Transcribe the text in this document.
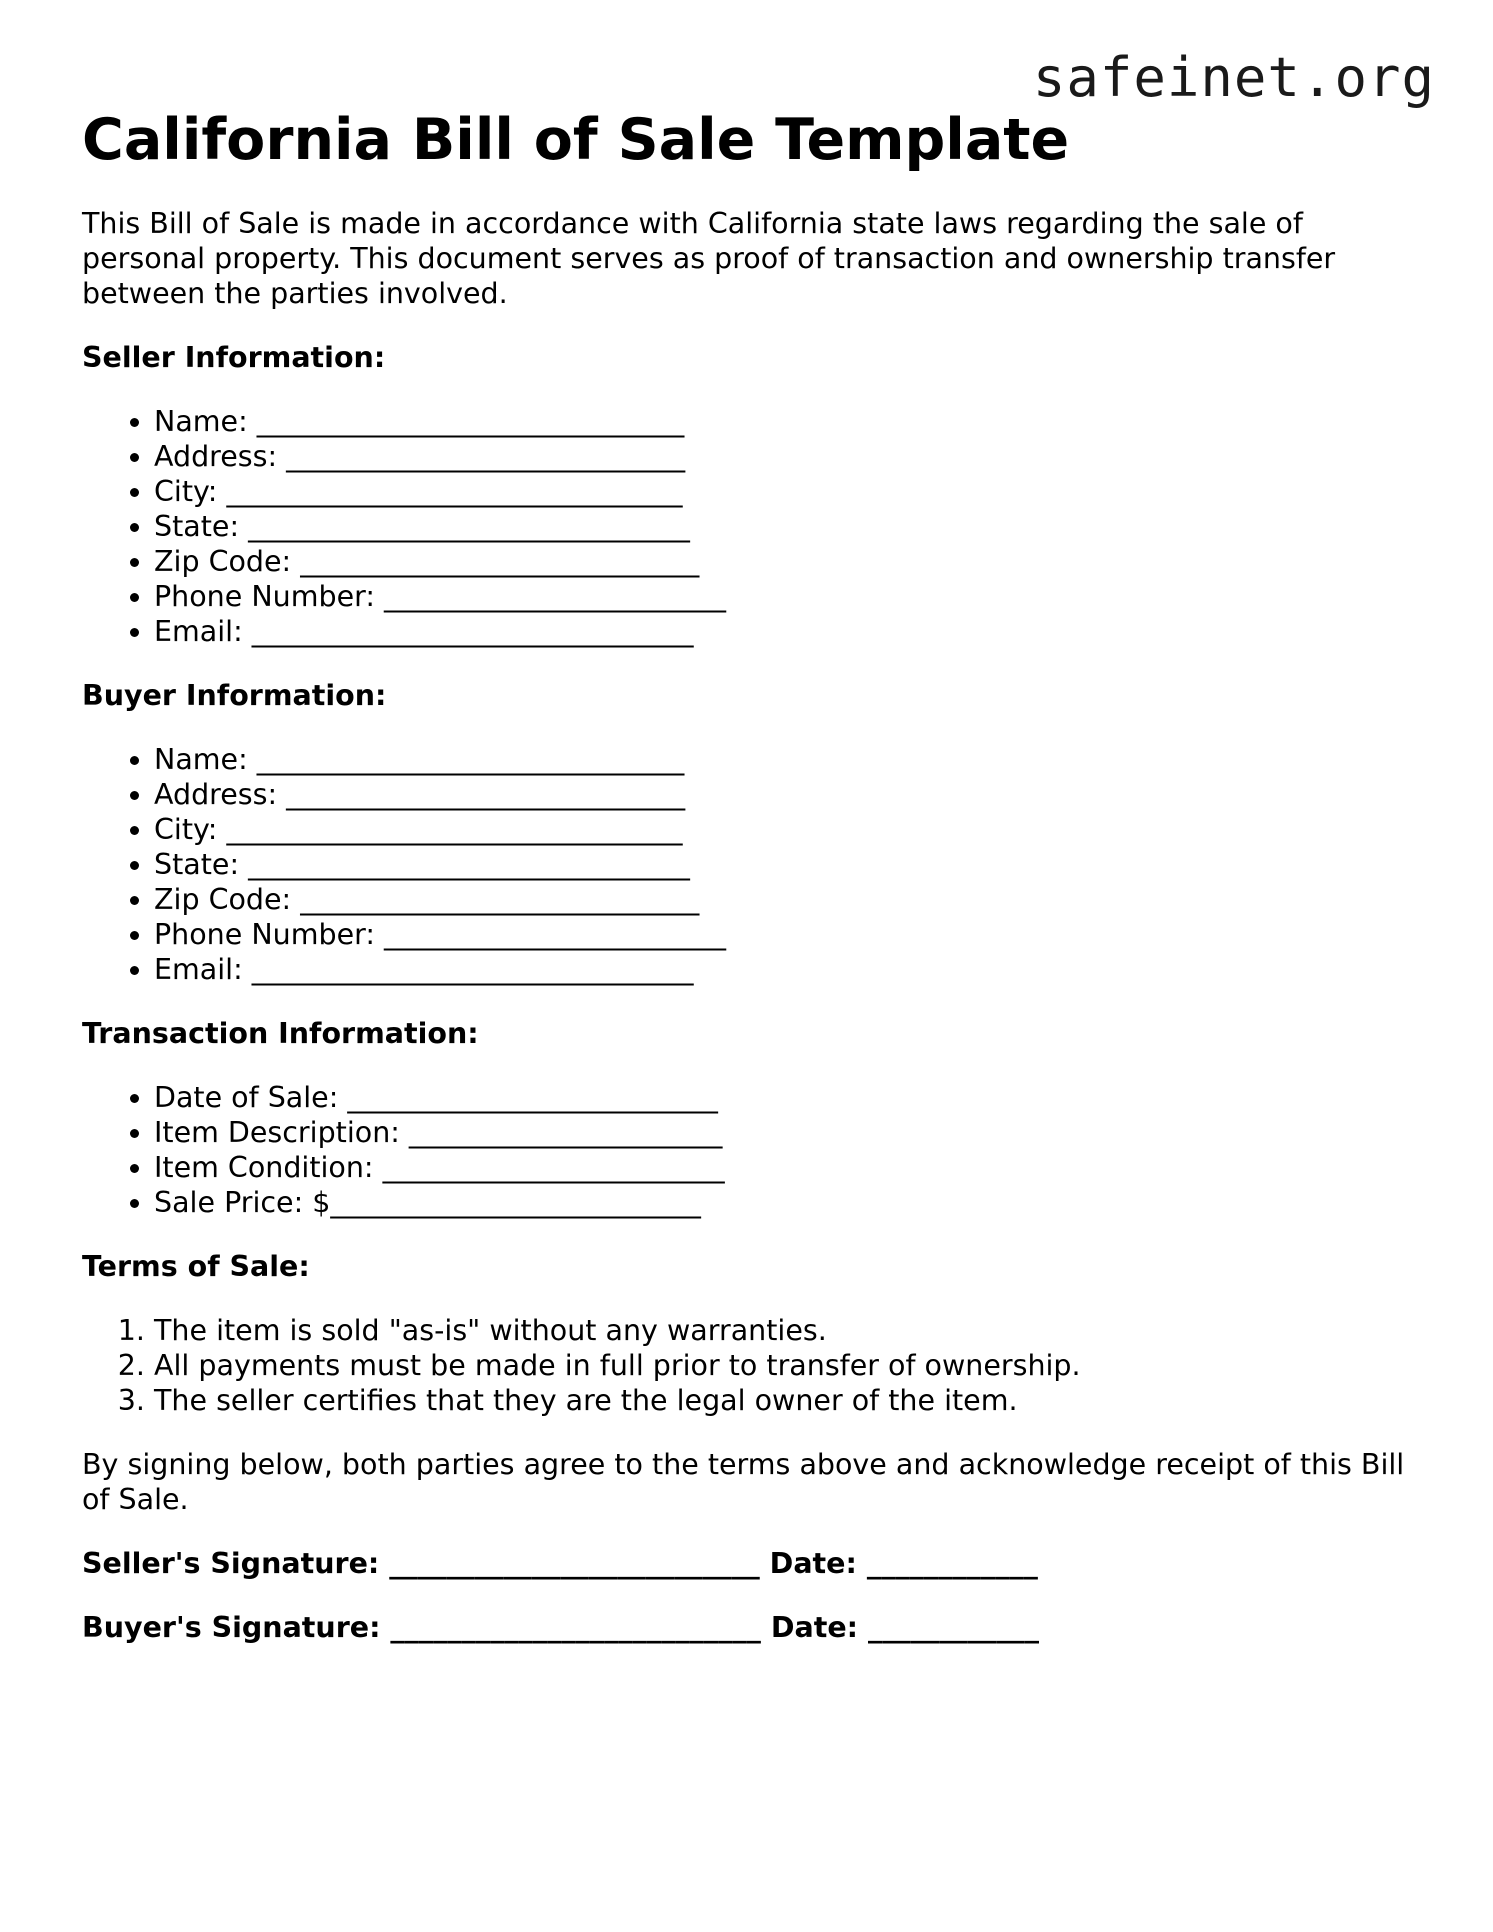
safeinet.org
California Bill of Sale Template

This Bill of Sale is made in accordance with California state laws regarding the sale of personal property. This document serves as proof of transaction and ownership transfer between the parties involved.

Seller Information:
• Name: ______________________________
• Address: ____________________________
• City: ________________________________
• State: _______________________________
• Zip Code: ____________________________
• Phone Number: ________________________
• Email: _______________________________
Buyer Information:
• Name: ______________________________
• Address: ____________________________
• City: ________________________________
• State: _______________________________
• Zip Code: ____________________________
• Phone Number: ________________________
• Email: _______________________________
Transaction Information:
• Date of Sale: __________________________
• Item Description: ______________________
• Item Condition: ________________________
• Sale Price: $__________________________
Terms of Sale:
1. The item is sold "as-is" without any warranties.
2. All payments must be made in full prior to transfer of ownership.
3. The seller certifies that they are the legal owner of the item.

By signing below, both parties agree to the terms above and acknowledge receipt of this Bill of Sale.

Seller's Signature: __________________________ Date: ____________
Buyer's Signature: __________________________ Date: ____________
